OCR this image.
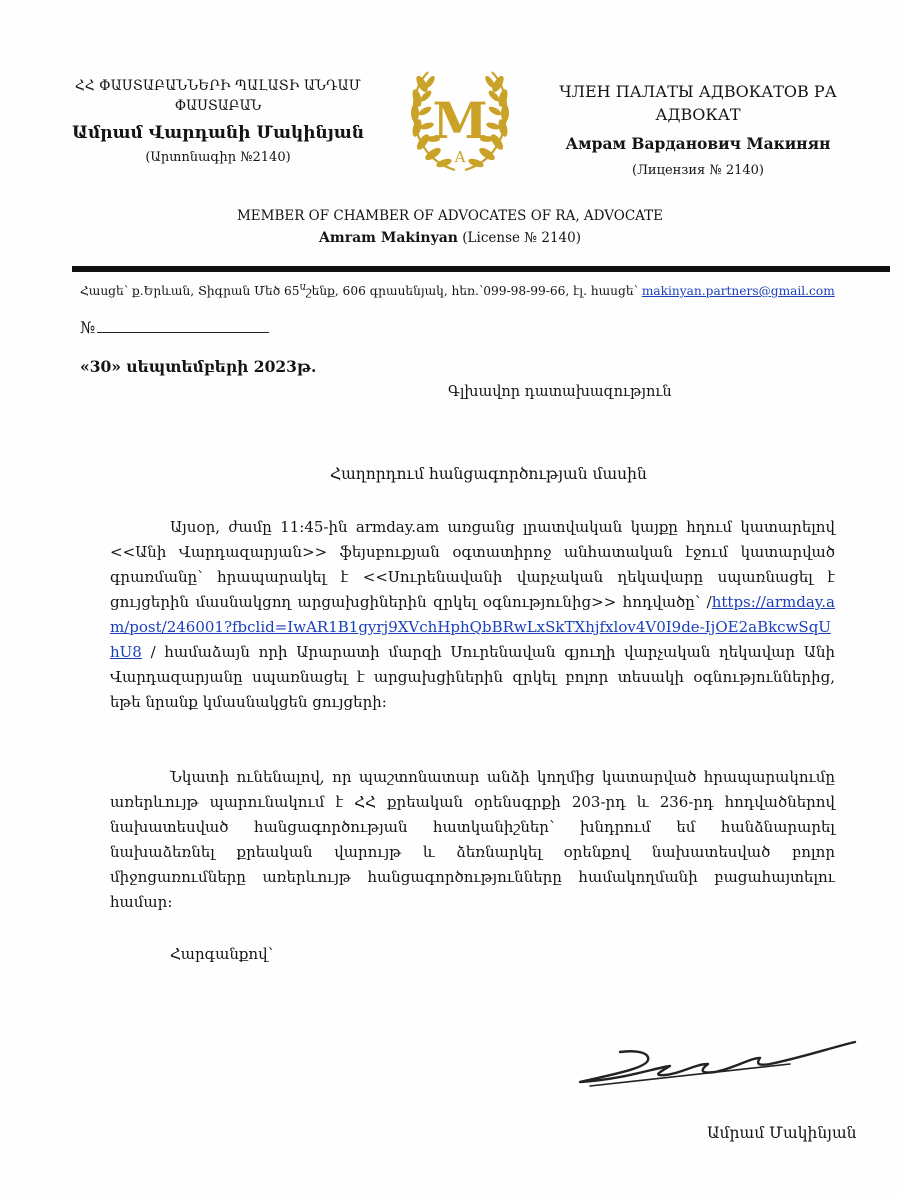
ՀՀ ՓԱՍՏԱԲԱՆՆԵՐԻ ՊԱԼԱՏԻ ԱՆԴԱՄ
ՓԱՍՏԱԲԱՆ
Ամրամ Վարդանի Մակինյան
(Արտոնագիր №2140)
M
A
ЧЛЕН ПАЛАТЫ АДВОКАТОВ РА
АДВОКАТ
Амрам Варданович Макинян
(Лицензия № 2140)
MEMBER OF CHAMBER OF ADVOCATES OF RA, ADVOCATE
Amram Makinyan (License № 2140)
Հասցե՝ ք.Երևան, Տիգրան Մեծ $65^Աշենք$, 606 գրասենյակ, հեռ.՝099-98-99-66, էլ. հասցե՝ makinyan.partners@gmail.com
№
«30» սեպտեմբերի 2023թ.
Գլխավոր դատախազություն
Հաղորդում հանցագործության մասին
Այսօր, ժամը 11:45-ին armday.am առցանց լրատվական կայքը հղում կատարելով <<Անի Վարդազարյան>> ֆեյսբուքյան օգտատիրոջ անհատական էջում կատարված գրառմանը՝ հրապարակել է <<Սուրենավանի վարչական ղեկավարը սպառնացել է ցույցերին մասնակցող արցախցիներին զրկել օգնությունից>> հոդվածը՝ /https://armday.am/post/246001?fbclid=IwAR1B1gyrj9XVchHphQbBRwLxSkTXhjfxlov4V0I9de-IjOE2aBkcwSqUhU8 / համաձայն որի Արարատի մարզի Սուրենավան գյուղի վարչական ղեկավար Անի Վարդազարյանը սպառնացել է արցախցիներին զրկել բոլոր տեսակի օգնություններից, եթե նրանք կմասնակցեն ցույցերի:
Նկատի ունենալով, որ պաշտոնատար անձի կողմից կատարված հրապարակումը առերևույթ պարունակում է ՀՀ քրեական օրենսգրքի 203-րդ և 236-րդ հոդվածներով նախատեսված հանցագործության հատկանիշներ՝ խնդրում եմ հանձնարարել նախաձեռնել քրեական վարույթ և ձեռնարկել օրենքով նախատեսված բոլոր միջոցառումները առերևույթ հանցագործությունները համակողմանի բացահայտելու համար:
Հարգանքով՝
Ամրամ Մակինյան
